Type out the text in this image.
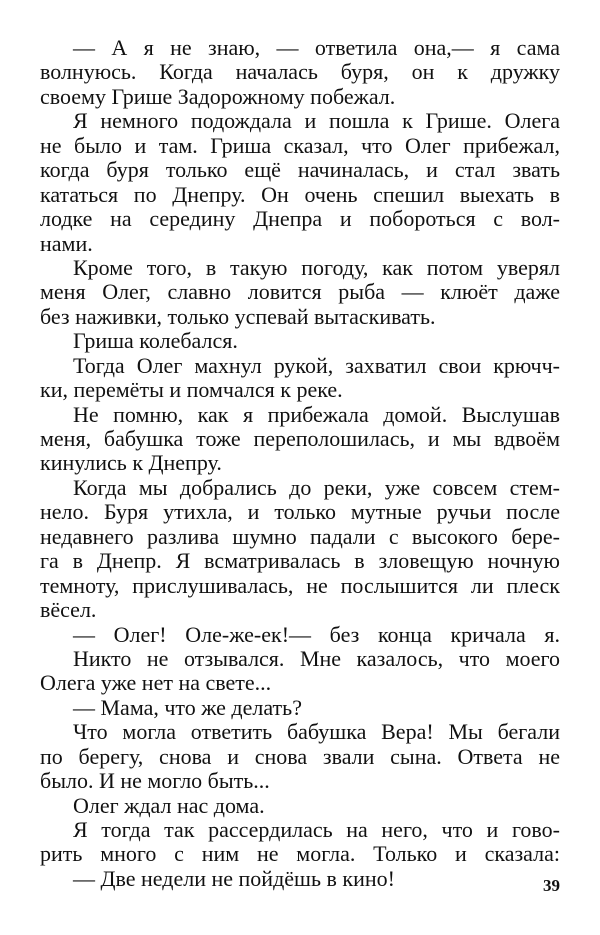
— А я не знаю, — ответила она,— я сама
волнуюсь. Когда началась буря, он к дружку
своему Грише Задорожному побежал.
Я немного подождала и пошла к Грише. Олега
не было и там. Гриша сказал, что Олег прибежал,
когда буря только ещё начиналась, и стал звать
кататься по Днепру. Он очень спешил выехать в
лодке на середину Днепра и побороться с вол-
нами.
Кроме того, в такую погоду, как потом уверял
меня Олег, славно ловится рыба — клюёт даже
без наживки, только успевай вытаскивать.
Гриша колебался.
Тогда Олег махнул рукой, захватил свои крючч-
ки, перемёты и помчался к реке.
Не помню, как я прибежала домой. Выслушав
меня, бабушка тоже переполошилась, и мы вдвоём
кинулись к Днепру.
Когда мы добрались до реки, уже совсем стем-
нело. Буря утихла, и только мутные ручьи после
недавнего разлива шумно падали с высокого бере-
га в Днепр. Я всматривалась в зловещую ночную
темноту, прислушивалась, не послышится ли плеск
вёсел.
— Олег! Оле-же-ек!— без конца кричала я.
Никто не отзывался. Мне казалось, что моего
Олега уже нет на свете...
— Мама, что же делать?
Что могла ответить бабушка Вера! Мы бегали
по берегу, снова и снова звали сына. Ответа не
было. И не могло быть...
Олег ждал нас дома.
Я тогда так рассердилась на него, что и гово-
рить много с ним не могла. Только и сказала:
— Две недели не пойдёшь в кино!	39
